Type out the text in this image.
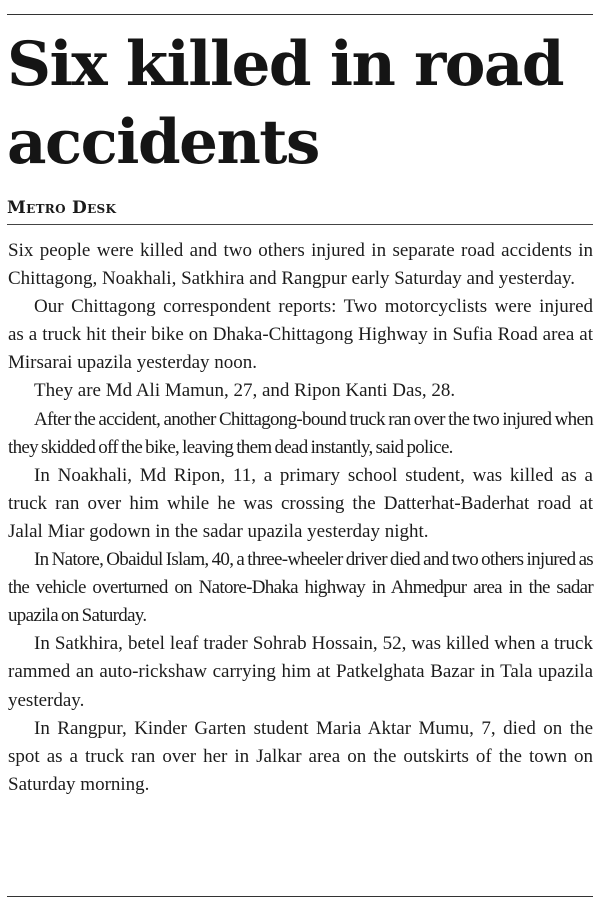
Six killed in road
accidents
Metro Desk

Six people were killed and two others injured in separate road accidents in Chittagong, Noakhali, Satkhira and Rangpur early Saturday and yesterday.

Our Chittagong correspondent reports: Two motorcyclists were injured as a truck hit their bike on Dhaka-Chittagong Highway in Sufia Road area at Mirsarai upazila yesterday noon.

They are Md Ali Mamun, 27, and Ripon Kanti Das, 28.

After the accident, another Chittagong-bound truck ran over the two injured when they skidded off the bike, leaving them dead instantly, said police.

In Noakhali, Md Ripon, 11, a primary school student, was killed as a truck ran over him while he was crossing the Datterhat-Baderhat road at Jalal Miar godown in the sadar upazila yesterday night.

In Natore, Obaidul Islam, 40, a three-wheeler driver died and two others injured as the vehicle overturned on Natore-Dhaka highway in Ahmedpur area in the sadar upazila on Saturday.

In Satkhira, betel leaf trader Sohrab Hossain, 52, was killed when a truck rammed an auto-rickshaw carrying him at Patkelghata Bazar in Tala upazila yesterday.

In Rangpur, Kinder Garten student Maria Aktar Mumu, 7, died on the spot as a truck ran over her in Jalkar area on the outskirts of the town on Saturday morning.
